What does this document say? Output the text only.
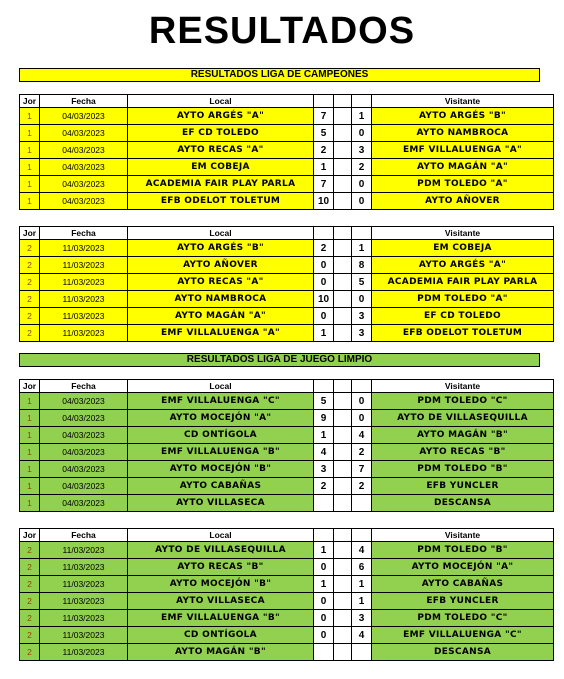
RESULTADOS
RESULTADOS LIGA DE CAMPEONES
Jor	Fecha	Local				Visitante
1	04/03/2023	AYTO ARGÉS "A"	7		1	AYTO ARGÉS "B"
1	04/03/2023	EF CD TOLEDO	5		0	AYTO NAMBROCA
1	04/03/2023	AYTO RECAS "A"	2		3	EMF VILLALUENGA "A"
1	04/03/2023	EM COBEJA	1		2	AYTO MAGÁN "A"
1	04/03/2023	ACADEMIA FAIR PLAY PARLA	7		0	PDM TOLEDO "A"
1	04/03/2023	EFB ODELOT TOLETUM	10		0	AYTO AÑOVER
Jor	Fecha	Local				Visitante
2	11/03/2023	AYTO ARGÉS "B"	2		1	EM COBEJA
2	11/03/2023	AYTO AÑOVER	0		8	AYTO ARGÉS "A"
2	11/03/2023	AYTO RECAS "A"	0		5	ACADEMIA FAIR PLAY PARLA
2	11/03/2023	AYTO NAMBROCA	10		0	PDM TOLEDO "A"
2	11/03/2023	AYTO MAGÁN "A"	0		3	EF CD TOLEDO
2	11/03/2023	EMF VILLALUENGA "A"	1		3	EFB ODELOT TOLETUM
RESULTADOS LIGA DE JUEGO LIMPIO
Jor	Fecha	Local				Visitante
1	04/03/2023	EMF VILLALUENGA "C"	5		0	PDM TOLEDO "C"
1	04/03/2023	AYTO MOCEJÓN "A"	9		0	AYTO DE VILLASEQUILLA
1	04/03/2023	CD ONTÍGOLA	1		4	AYTO MAGÁN "B"
1	04/03/2023	EMF VILLALUENGA "B"	4		2	AYTO RECAS "B"
1	04/03/2023	AYTO MOCEJÓN "B"	3		7	PDM TOLEDO "B"
1	04/03/2023	AYTO CABAÑAS	2		2	EFB YUNCLER
1	04/03/2023	AYTO VILLASECA				DESCANSA
Jor	Fecha	Local				Visitante
2	11/03/2023	AYTO DE VILLASEQUILLA	1		4	PDM TOLEDO "B"
2	11/03/2023	AYTO RECAS "B"	0		6	AYTO MOCEJÓN "A"
2	11/03/2023	AYTO MOCEJÓN "B"	1		1	AYTO CABAÑAS
2	11/03/2023	AYTO VILLASECA	0		1	EFB YUNCLER
2	11/03/2023	EMF VILLALUENGA "B"	0		3	PDM TOLEDO "C"
2	11/03/2023	CD ONTÍGOLA	0		4	EMF VILLALUENGA "C"
2	11/03/2023	AYTO MAGÁN "B"				DESCANSA
